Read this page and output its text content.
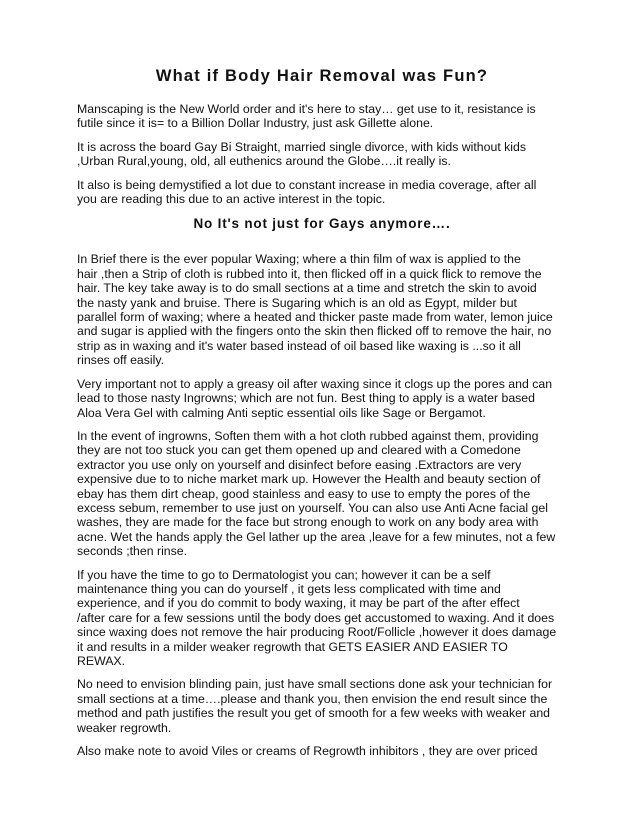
What if Body Hair Removal was Fun?

Manscaping is the New World order and it's here to stay… get use to it, resistance is
futile since it is= to a Billion Dollar Industry, just ask Gillette alone.

It is across the board Gay Bi Straight, married single divorce, with kids without kids
,Urban Rural,young, old, all euthenics around the Globe….it really is.

It also is being demystified a lot due to constant increase in media coverage, after all
you are reading this due to an active interest in the topic.

No It's not just for Gays anymore….

In Brief there is the ever popular Waxing; where a thin film of wax is applied to the
hair ,then a Strip of cloth is rubbed into it, then flicked off in a quick flick to remove the
hair. The key take away is to do small sections at a time and stretch the skin to avoid
the nasty yank and bruise. There is Sugaring which is an old as Egypt, milder but
parallel form of waxing; where a heated and thicker paste made from water, lemon juice
and sugar is applied with the fingers onto the skin then flicked off to remove the hair, no
strip as in waxing and it's water based instead of oil based like waxing is ...so it all
rinses off easily.

Very important not to apply a greasy oil after waxing since it clogs up the pores and can
lead to those nasty Ingrowns; which are not fun. Best thing to apply is a water based
Aloa Vera Gel with calming Anti septic essential oils like Sage or Bergamot.

In the event of ingrowns, Soften them with a hot cloth rubbed against them, providing
they are not too stuck you can get them opened up and cleared with a Comedone
extractor you use only on yourself and disinfect before easing .Extractors are very
expensive due to to niche market mark up. However the Health and beauty section of
ebay has them dirt cheap, good stainless and easy to use to empty the pores of the
excess sebum, remember to use just on yourself. You can also use Anti Acne facial gel
washes, they are made for the face but strong enough to work on any body area with
acne. Wet the hands apply the Gel lather up the area ,leave for a few minutes, not a few
seconds ;then rinse.

If you have the time to go to Dermatologist you can; however it can be a self
maintenance thing you can do yourself , it gets less complicated with time and
experience, and if you do commit to body waxing, it may be part of the after effect
/after care for a few sessions until the body does get accustomed to waxing. And it does
since waxing does not remove the hair producing Root/Follicle ,however it does damage
it and results in a milder weaker regrowth that GETS EASIER AND EASIER TO
REWAX.

No need to envision blinding pain, just have small sections done ask your technician for
small sections at a time….please and thank you, then envision the end result since the
method and path justifies the result you get of smooth for a few weeks with weaker and
weaker regrowth.

Also make note to avoid Viles or creams of Regrowth inhibitors , they are over priced
